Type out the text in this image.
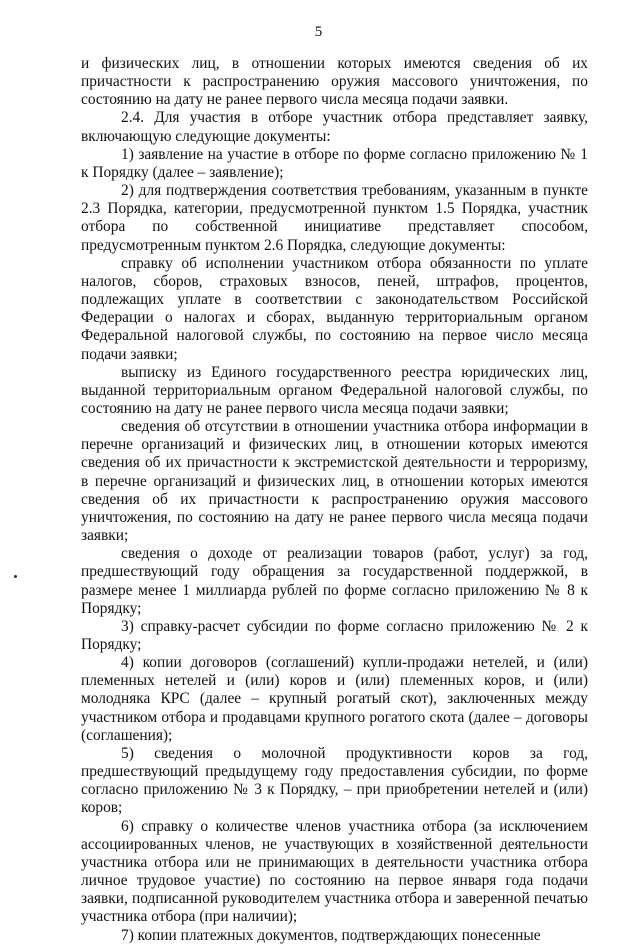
5

и физических лиц, в отношении которых имеются сведения об их причастности к распространению оружия массового уничтожения, по состоянию на дату не ранее первого числа месяца подачи заявки.

2.4. Для участия в отборе участник отбора представляет заявку, включающую следующие документы:

1) заявление на участие в отборе по форме согласно приложению № 1 к Порядку (далее – заявление);

2) для подтверждения соответствия требованиям, указанным в пункте 2.3 Порядка, категории, предусмотренной пунктом 1.5 Порядка, участник отбора по собственной инициативе представляет способом, предусмотренным пунктом 2.6 Порядка, следующие документы:

справку об исполнении участником отбора обязанности по уплате налогов, сборов, страховых взносов, пеней, штрафов, процентов, подлежащих уплате в соответствии с законодательством Российской Федерации о налогах и сборах, выданную территориальным органом Федеральной налоговой службы, по состоянию на первое число месяца подачи заявки;

выписку из Единого государственного реестра юридических лиц, выданной территориальным органом Федеральной налоговой службы, по состоянию на дату не ранее первого числа месяца подачи заявки;

сведения об отсутствии в отношении участника отбора информации в перечне организаций и физических лиц, в отношении которых имеются сведения об их причастности к экстремистской деятельности и терроризму, в перечне организаций и физических лиц, в отношении которых имеются сведения об их причастности к распространению оружия массового уничтожения, по состоянию на дату не ранее первого числа месяца подачи заявки;

сведения о доходе от реализации товаров (работ, услуг) за год, предшествующий году обращения за государственной поддержкой, в размере менее 1 миллиарда рублей по форме согласно приложению № 8 к Порядку;

3) справку-расчет субсидии по форме согласно приложению № 2 к Порядку;

4) копии договоров (соглашений) купли-продажи нетелей, и (или) племенных нетелей и (или) коров и (или) племенных коров, и (или) молодняка КРС (далее – крупный рогатый скот), заключенных между участником отбора и продавцами крупного рогатого скота (далее – договоры (соглашения);

5) сведения о молочной продуктивности коров за год, предшествующий предыдущему году предоставления субсидии, по форме согласно приложению № 3 к Порядку, – при приобретении нетелей и (или) коров;

6) справку о количестве членов участника отбора (за исключением ассоциированных членов, не участвующих в хозяйственной деятельности участника отбора или не принимающих в деятельности участника отбора личное трудовое участие) по состоянию на первое января года подачи заявки, подписанной руководителем участника отбора и заверенной печатью участника отбора (при наличии);

7) копии платежных документов, подтверждающих понесенные
